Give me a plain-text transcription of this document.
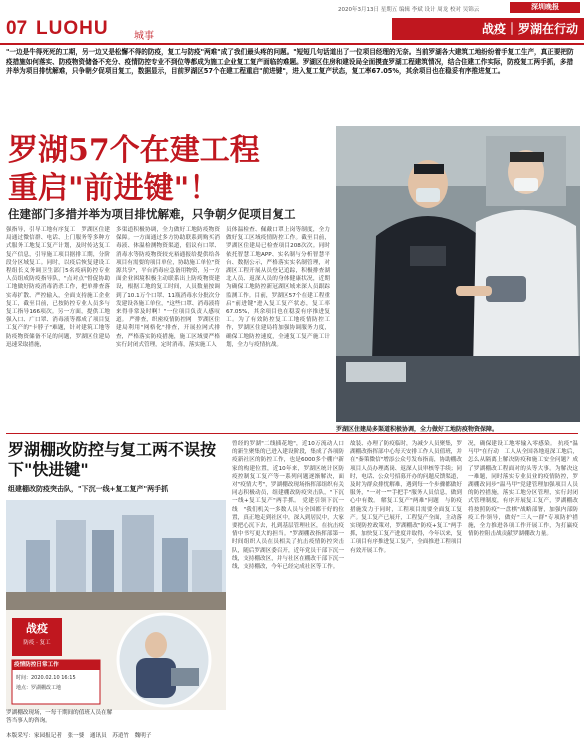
07 LUOHU	城事
2020年3月13日 星期五 编辑 李斌 设计 周龙 校对 吴锦云	深圳晚报
战疫｜罗湖在行动
"一边是牛得死死的工期，另一边又是松懈不得的防疫，复工与防疫"两难"成了我们最头疼的问题。"短短几句话道出了一位项目经理的无奈。当前罗湖各大建筑工地纷纷着手复工生产，真正要把防疫措施如何落实、防疫物资储备不充分、疫情防控专业不到位等都成为施工企业复工复产面临的难题。罗湖区住房和建设局全面摸查罗湖工程建筑情况，结合住建工作实际，防疫复工两手抓，多措并举为项目排忧解难，只争朝夕促项目复工，数据显示，目前罗湖区57个在建工程重启"前进键"，进入复工复产状态，复工率67.05%，其余项目也在稳妥有序推进复工。
罗湖57个在建工程
重启"前进键"！
住建部门多措并举为项目排忧解难，只争朝夕促项目复工
强指导，引导工地有序复工　罗湖区住建局通过微信群、电话、上门服务等多种方式服务工地复工复产计划，及时传达复工复产信息，引导施工项目据排工期，分阶段分区域复工。同时，以疫后恢复建设工程组长义务调卫生部门5名疫病防控专业人员组成防疫指导队，"点对点"督促协助工地做好防疫消毒消杀工作，把单排查落实毒扩散、严控输入，全面支持施工企业复工，截至目前，已按防控专业人员多与复工指导166项次。另一方面，提供工地强入口、广口罩、消毒液等都成了项目复工复产的"卡脖子"难题，针对建筑工地等防疫物资储备不足的问题，罗湖区住建局迅速采取措施，
多渠道积极协调，全力做好工地防疫物资保障。一方面通过多方协助联系到购买消毒液、体温检测物资渠道，倡议有口罩、消毒水等防疫物资较充裕通报给提供给各项目有需要的项目单位，协助施工单位"资源共享"，平台消毒应急备用物资，另一方面企业困境积极主动联系出上防疫物资建设，根据工地的复工时间，人员数量按调到了10.1万个口罩、11瓶消毒水分批次分发建设各施工单位，"这些口罩、消毒液将来得非常及时啊！"一位项目负责人感叹道。 严排查，织密疫情防控网　罗湖区住建局利用"网格化"排查，开展拉网式排查，严格落实防疫措施，施工区域要严格实行封闭式管理，定时消毒，落实施工人
员体温检查、佩戴口罩上岗等制度，全力做好复工区域疫情防控工作。截至目前，罗湖区住建局已检查项目208次次。同时依托智慧工地APP、实名制与分析智慧平台、数据公示，严格落实实名制管理，对湖区工程开展从员登记追踪，积极排查湖北人员、返深人员的身体健康状况，近期为确保工地防控新冠湖区域来深人员跟踪监测工作。目前，罗湖区57个在建工程重启"前进键"进入复工复产状态，复工率67.05%，其余项目也在稳妥有序推进复工。为了有效防控复工工地疫情防控工作，罗湖区住建局将加强协调服务力度，确保工地防控速度，全速复工复产施工计划，全力与疫情抗战。
罗湖区住建局多渠道积极协调，全力做好工地防疫物资保障。
罗湖棚改防控与复工两不误按下"快进键"
组建棚改防疫突击队，"下沉一线+复工复产"两手抓
战疫
防疫 · 复工
疫情防控日常工作
时间：2020.02.10 16:15
地点：罗湖棚改工地
罗湖棚改现场，一每干期间的值班人员在解答当事人的咨询。
曾经的罗湖"二线插花地"，近10万流动人口的新生聚集的已进入建设阶段，集成了各项防疫新社区的防控工作，也是6000多个棚户新家的构建位置，近10年来，罗湖区统计区防疫控制复工复产等一系列问题逐渐解决，面对"疫情大考"，罗湖棚改现场指挥部组织有关同志积极动员，组建棚改防疫突击队，"下沉一线+复工复产"两手抓。 党建引领下沉一线　"我们机关一多数人员与全国都干好的位置，真正地走到社区中，深入到居民中，大家要把心沉下去，扎到基层管理社区，在抗击疫情中书写更大的担当。"罗湖棚改指挥部第一时间组织人员在员相关了抗击疫情防控突击队，随后罗湖区委召开，近年党员干部下沉一线，支持棚改区，并与社区在棚改干部下沉一线，支持棚改，今年已经完成社区等工作。
故装、办理了防疫临时，为减少人员聚集，罗湖棚改指挥部中心每天安排工作人员值班，并在"秦策微信"增添公众号发布指南，协助棚改项目人员办理离岗、返深人员审核等手续；同时，电话、公众号招募开办的问题反馈渠道，及时为群众排忧解难，遇到每一个步骤都做好服务，"一对一""手把手"服务人员信息，做到心中有数。 解复工复产"两难"问题　与防疫措施发力于同时，工程项目需要全面复工复产。复工复产已展开，工程复产全面，主动落实现防控政策对，罗湖棚改"防疫+复工"两手抓，加快复工复产进度并取得，今年以来，复工项目有序推进复工复产，全面推进工程项目有效开展工作。
况，确保建设工地零输入零感染。 抗疫"温马甲"在行动　工人从全国各地返深工地后，怎么从隔离上解决防疫和施工安全问题？成了罗湖棚改工程面对的头等大事。为解决这一难题，同时落实专业员业的疫情防控，罗湖棚改同步"温马甲"党建管理加强项目人员的防控措施，落实工地分区管理，实行封闭式管理制度，有序开展复工复产，罗湖棚改将按照防疫"一盘棋"战略部署，加强内部防疫工作领导，做好"三人一群"专项防护措施，全力推进各项工作开展工作，为打赢疫情防控阻击战贡献罗湖棚改力量。
本版采写：家园报记者　张一婆　通讯员　苏逍竹　魏明子
